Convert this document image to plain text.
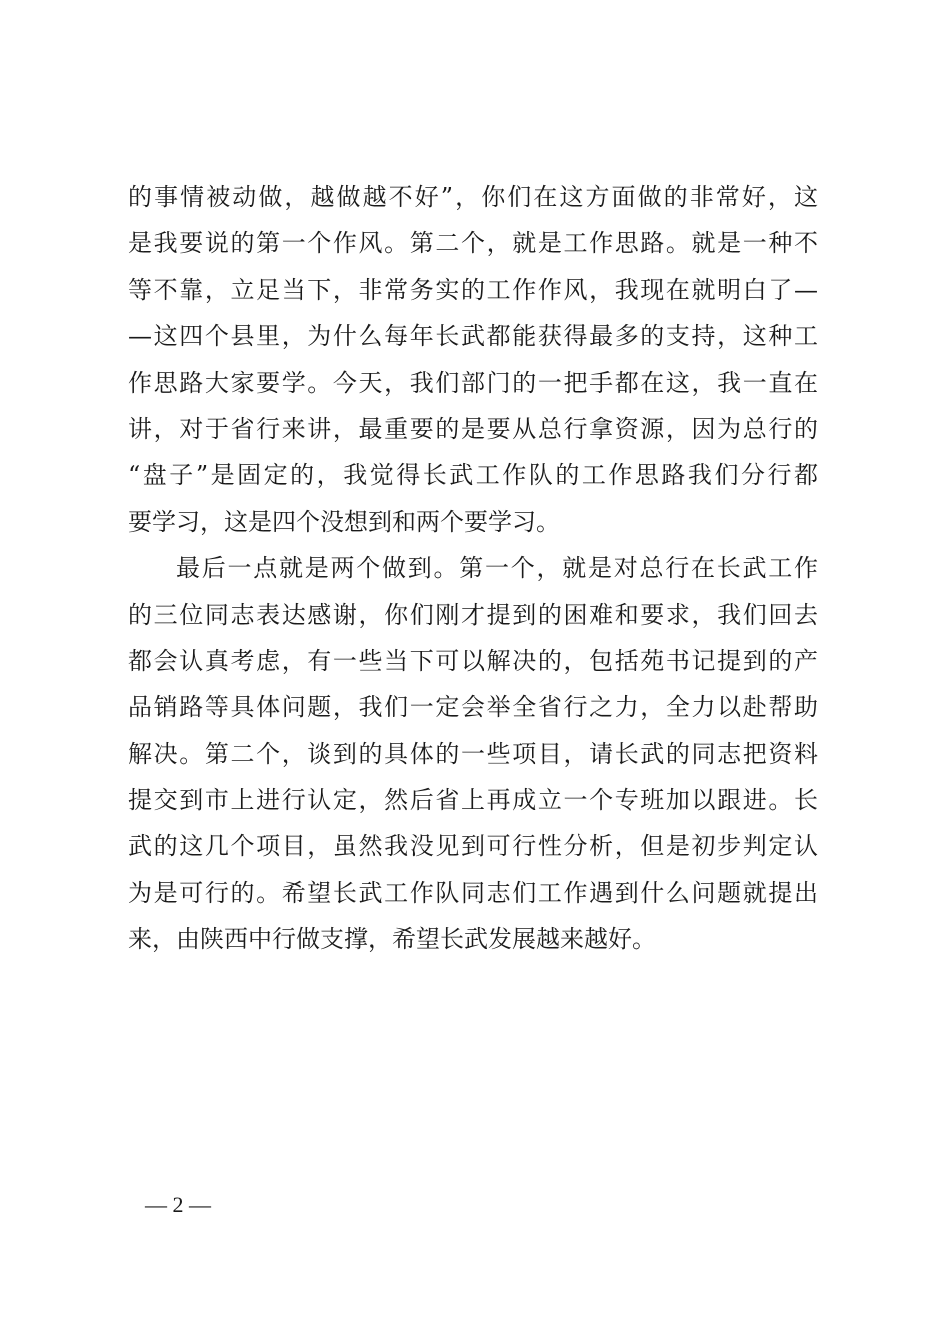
的事情被动做，越做越不好”，你们在这方面做的非常好，这
是我要说的第一个作风。第二个，就是工作思路。就是一种不
等不靠，立足当下，非常务实的工作作风，我现在就明白了—
—这四个县里，为什么每年长武都能获得最多的支持，这种工
作思路大家要学。今天，我们部门的一把手都在这，我一直在
讲，对于省行来讲，最重要的是要从总行拿资源，因为总行的
“盘子”是固定的，我觉得长武工作队的工作思路我们分行都
要学习，这是四个没想到和两个要学习。
最后一点就是两个做到。第一个，就是对总行在长武工作
的三位同志表达感谢，你们刚才提到的困难和要求，我们回去
都会认真考虑，有一些当下可以解决的，包括苑书记提到的产
品销路等具体问题，我们一定会举全省行之力，全力以赴帮助
解决。第二个，谈到的具体的一些项目，请长武的同志把资料
提交到市上进行认定，然后省上再成立一个专班加以跟进。长
武的这几个项目，虽然我没见到可行性分析，但是初步判定认
为是可行的。希望长武工作队同志们工作遇到什么问题就提出
来，由陕西中行做支撑，希望长武发展越来越好。
— 2 —
